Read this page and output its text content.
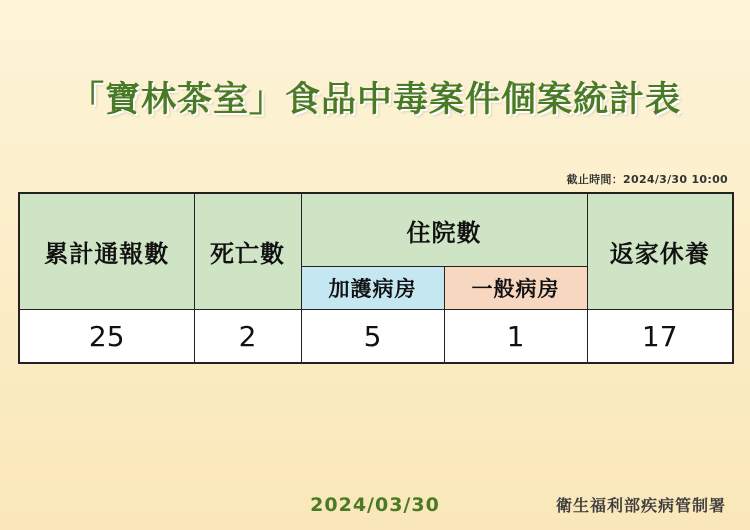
「寶林茶室」食品中毒案件個案統計表
截止時間：2024/3/30 10:00
累計通報數	死亡數	住院數		返家休養
		加護病房	一般病房	
25	2	5	1	17
2024/03/30	衛生福利部疾病管制署
